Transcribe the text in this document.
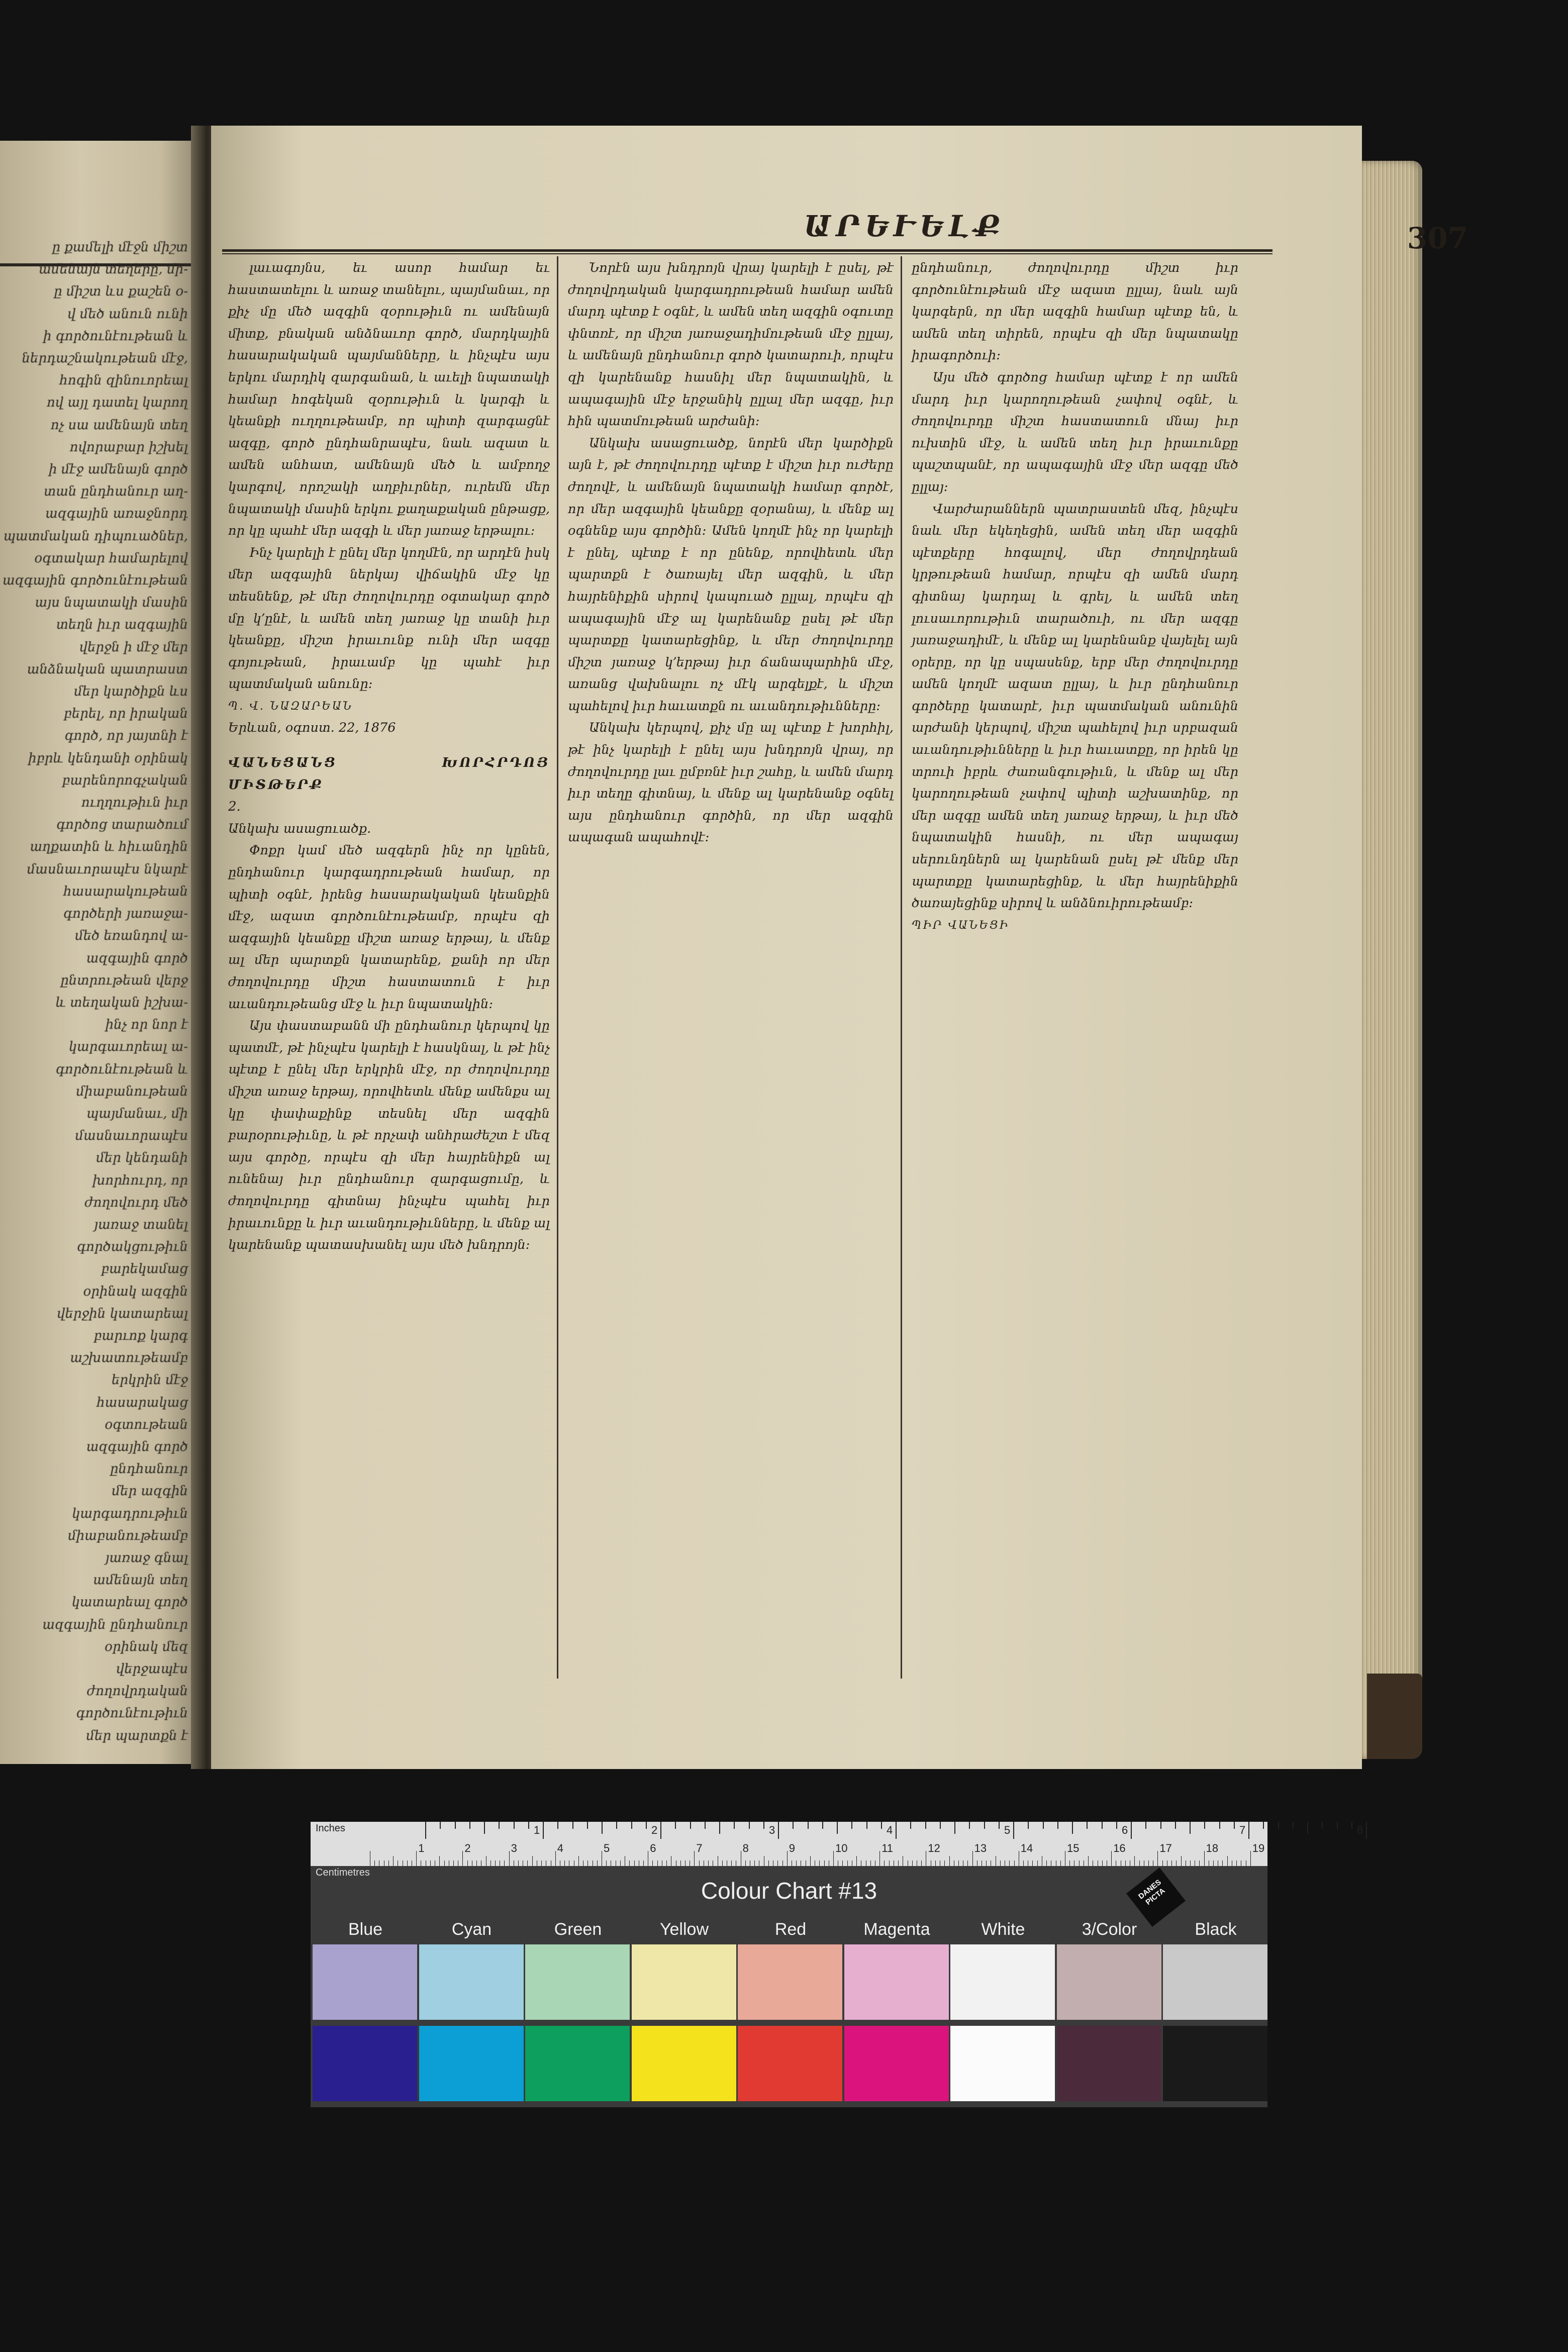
ը քամելի մէջն միշտ
ամենայն տեղերը, մի-
ը միշտ ևս քաշեն օ-
վ մեծ անուն ունի
ի գործունէութեան և
ներդաշնակութեան մէջ,
հոգին զինուորեալ
ով այլ դատել կարող
ոչ սա ամենայն տեղ
ովորաբար իշխել
ի մէջ ամենայն գործ
տան ընդհանուր աղ-
ազգային առաջնորդ
պատմական դիպուածներ,
օգտակար համարելով
ազգային գործունէութեան
այս նպատակի մասին
տեղն իւր ազգային
վերջն ի մէջ մեր
անձնական պատրաստ
մեր կարծիքն ևս
բերել, որ իրական
գործ, որ յայտնի է
իբրև կենդանի օրինակ
բարենորոգչական
ուղղութիւն իւր
գործոց տարածում
աղքատին և հիւանդին
մասնաւորապէս նկարէ
հասարակութեան
գործերի յառաջա-
մեծ եռանդով ա-
ազգային գործ
ընտրութեան վերջ
և տեղական իշխա-
ինչ որ նոր է
կարգաւորեալ ա-
գործունէութեան և
միաբանութեան
պայմանաւ, մի
մասնաւորապէս
մեր կենդանի
խորհուրդ, որ
ժողովուրդ մեծ
յառաջ տանել
գործակցութիւն
բարեկամաց
օրինակ ազգին
վերջին կատարեալ
բարւոք կարգ
աշխատութեամբ
երկրին մէջ
հասարակաց
օգտութեան
ազգային գործ
ընդհանուր
մեր ազգին
կարգադրութիւն
միաբանութեամբ
յառաջ գնալ
ամենայն տեղ
կատարեալ գործ
ազգային ընդհանուր
օրինակ մեզ
վերջապէս
ժողովրդական
գործունէութիւն
մեր պարտքն է
ԱՐԵՒԵԼՔ	307

լաւագոյնս, եւ ասոր համար եւ հաստատելու և առաջ տանելու, պայմանաւ, որ քիչ մը մեծ ազգին զօրութիւն ու ամենայն միտք, բնական անձնաւոր գործ, մարդկային հասարակական պայմանները, և ինչպէս այս երկու մարդիկ զարգանան, և աւելի նպատակի համար հոգեկան զօրութիւն և կարգի և կեանքի ուղղութեամբ, որ պիտի զարգացնէ ազգը, գործ ընդհանրապէս, նաև ազատ և ամեն անհատ, ամենայն մեծ և ամբողջ կարգով, որոշակի աղբիւրներ, ուրեմն մեր նպատակի մասին երկու քաղաքական ընթացք, որ կը պահէ մեր ազգի և մեր յառաջ երթալու։

Ինչ կարելի է ընել մեր կողմէն, որ արդէն իսկ մեր ազգային ներկայ վիճակին մէջ կը տեսնենք, թէ մեր ժողովուրդը օգտակար գործ մը կ՚ընէ, և ամեն տեղ յառաջ կը տանի իւր կեանքը, միշտ իրաւունք ունի մեր ազգը գոյութեան, իրաւամբ կը պահէ իւր պատմական անունը։

Պ. Վ. ՆԱԶԱՐԵԱՆ

Երևան, օգոստ. 22, 1876

ՎԱՆԵՑԱՆՑ ԽՈՐՀՐԴՈՅ ՄԻՏԹԵՐՔ

2.

Անկախ ասացուածք.

Փոքր կամ մեծ ազգերն ինչ որ կընեն, ընդհանուր կարգադրութեան համար, որ պիտի օգնէ, իրենց հասարակական կեանքին մէջ, ազատ գործունէութեամբ, որպէս զի ազգային կեանքը միշտ առաջ երթայ, և մենք ալ մեր պարտքն կատարենք, քանի որ մեր ժողովուրդը միշտ հաստատուն է իւր աւանդութեանց մէջ և իւր նպատակին։

Այս փաստաբանն մի ընդհանուր կերպով կը պատմէ, թէ ինչպէս կարելի է հասկնալ, և թէ ինչ պէտք է ընել մեր երկրին մէջ, որ ժողովուրդը միշտ առաջ երթայ, որովհետև մենք ամենքս ալ կը փափաքինք տեսնել մեր ազգին բարօրութիւնը, և թէ որչափ անհրաժեշտ է մեզ այս գործը, որպէս զի մեր հայրենիքն ալ ունենայ իւր ընդհանուր զարգացումը, և ժողովուրդը գիտնայ ինչպէս պահել իւր իրաւունքը և իւր աւանդութիւնները, և մենք ալ կարենանք պատասխանել այս մեծ խնդրոյն։

Նորէն այս խնդրոյն վրայ կարելի է ըսել, թէ ժողովրդական կարգադրութեան համար ամեն մարդ պէտք է օգնէ, և ամեն տեղ ազգին օգուտը փնտռէ, որ միշտ յառաջադիմութեան մէջ ըլլայ, և ամենայն ընդհանուր գործ կատարուի, որպէս զի կարենանք հասնիլ մեր նպատակին, և ապագային մէջ երջանիկ ըլլալ մեր ազգը, իւր հին պատմութեան արժանի։

Անկախ ասացուածք, նորէն մեր կարծիքն այն է, թէ ժողովուրդը պէտք է միշտ իւր ուժերը ժողովէ, և ամենայն նպատակի համար գործէ, որ մեր ազգային կեանքը զօրանայ, և մենք ալ օգնենք այս գործին։ Ամեն կողմէ ինչ որ կարելի է ընել, պէտք է որ ընենք, որովհետև մեր պարտքն է ծառայել մեր ազգին, և մեր հայրենիքին սիրով կապուած ըլլալ, որպէս զի ապագային մէջ ալ կարենանք ըսել թէ մեր պարտքը կատարեցինք, և մեր ժողովուրդը միշտ յառաջ կ՚երթայ իւր ճանապարհին մէջ, առանց վախնալու ոչ մէկ արգելքէ, և միշտ պահելով իւր հաւատքն ու աւանդութիւնները։

Անկախ կերպով, քիչ մը ալ պէտք է խորհիլ, թէ ինչ կարելի է ընել այս խնդրոյն վրայ, որ ժողովուրդը լաւ ըմբռնէ իւր շահը, և ամեն մարդ իւր տեղը գիտնայ, և մենք ալ կարենանք օգնել այս ընդհանուր գործին, որ մեր ազգին ապագան ապահովէ։

ընդհանուր, ժողովուրդը միշտ իւր գործունէութեան մէջ ազատ ըլլայ, նաև այն կարգերն, որ մեր ազգին համար պէտք են, և ամեն տեղ տիրեն, որպէս զի մեր նպատակը իրագործուի։

Այս մեծ գործոց համար պէտք է որ ամեն մարդ իւր կարողութեան չափով օգնէ, և ժողովուրդը միշտ հաստատուն մնայ իւր ուխտին մէջ, և ամեն տեղ իւր իրաւունքը պաշտպանէ, որ ապագային մէջ մեր ազգը մեծ ըլլայ։

Վարժարաններն պատրաստեն մեզ, ինչպէս նաև մեր եկեղեցին, ամեն տեղ մեր ազգին պէտքերը հոգալով, մեր ժողովրդեան կրթութեան համար, որպէս զի ամեն մարդ գիտնայ կարդալ և գրել, և ամեն տեղ լուսաւորութիւն տարածուի, ու մեր ազգը յառաջադիմէ, և մենք ալ կարենանք վայելել այն օրերը, որ կը սպասենք, երբ մեր ժողովուրդը ամեն կողմէ ազատ ըլլայ, և իւր ընդհանուր գործերը կատարէ, իւր պատմական անունին արժանի կերպով, միշտ պահելով իւր սրբազան աւանդութիւնները և իւր հաւատքը, որ իրեն կը տրուի իբրև ժառանգութիւն, և մենք ալ մեր կարողութեան չափով պիտի աշխատինք, որ մեր ազգը ամեն տեղ յառաջ երթայ, և իւր մեծ նպատակին հասնի, ու մեր ապագայ սերունդներն ալ կարենան ըսել թէ մենք մեր պարտքը կատարեցինք, և մեր հայրենիքին ծառայեցինք սիրով և անձնուիրութեամբ։

ՊԻՐ ՎԱՆԵՑԻ

Inches	1	2	3	4	5	6	7	8
1	2	3	4	5	6	7	8	9	10	11	12	13	14	15	16	17	18	19
Centimetres
Colour Chart #13	DANES PICTA
Blue	Cyan	Green	Yellow	Red	Magenta	White	3/Color	Black
